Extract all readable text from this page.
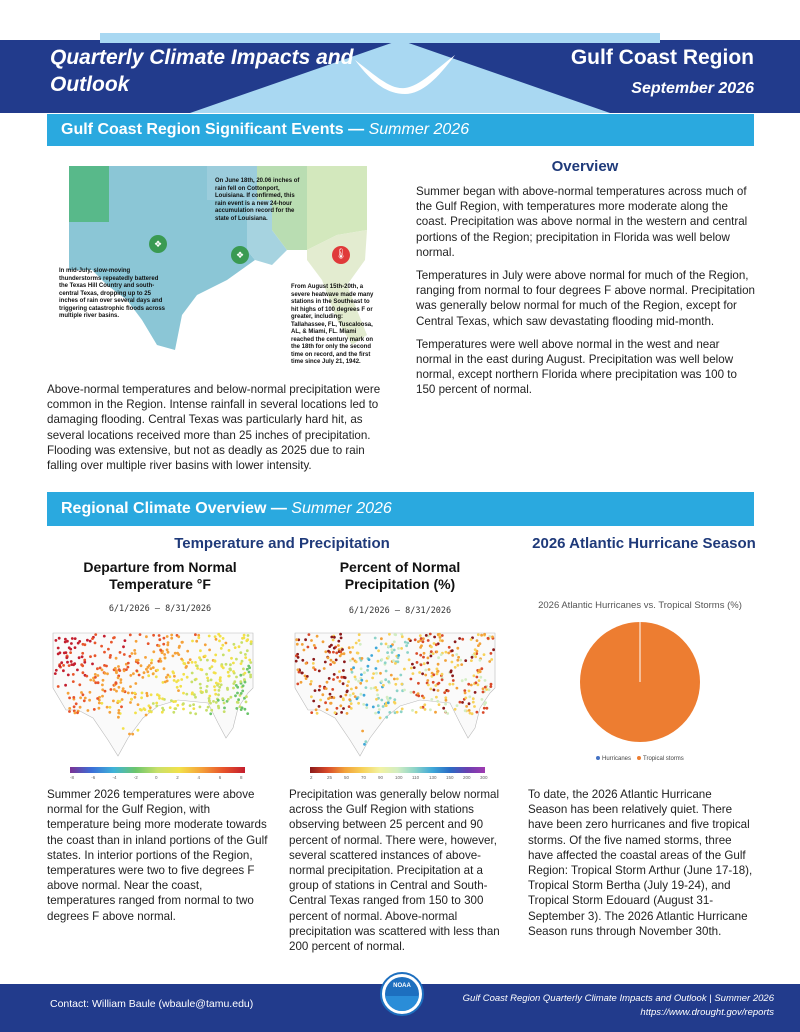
Quarterly Climate Impacts and Outlook
Gulf Coast Region
September 2026
Gulf Coast Region Significant Events — Summer 2026
❖
❖	🌡
On June 18th, 20.06 inches of rain fell on Cottonport, Louisiana. If confirmed, this rain event is a new 24-hour accumulation record for the state of Louisiana.
In mid-July, slow-moving thunderstorms repeatedly battered the Texas Hill Country and south-central Texas, dropping up to 25 inches of rain over several days and triggering catastrophic floods across multiple river basins.
From August 15th-20th, a severe heatwave made many stations in the Southeast to hit highs of 100 degrees F or greater, including: Tallahassee, FL, Tuscaloosa, AL, & Miami, FL. Miami reached the century mark on the 18th for only the second time on record, and the first time since July 21, 1942.
Above-normal temperatures and below-normal precipitation were common in the Region. Intense rainfall in several locations led to damaging flooding. Central Texas was particularly hard hit, as several locations received more than 25 inches of precipitation. Flooding was extensive, but not as deadly as 2025 due to rain falling over multiple river basins with lower intensity.
Overview

Summer began with above-normal temperatures across much of the Gulf Region, with temperatures more moderate along the coast. Precipitation was above normal in the western and central portions of the Region; precipitation in Florida was well below normal.

Temperatures in July were above normal for much of the Region, ranging from normal to four degrees F above normal. Precipitation was generally below normal for much of the Region, except for Central Texas, which saw devastating flooding mid-month.

Temperatures were well above normal in the west and near normal in the east during August. Precipitation was well below normal, except northern Florida where precipitation was 100 to 150 percent of normal.

Regional Climate Overview — Summer 2026
Temperature and Precipitation
Departure from Normal Temperature °F
Percent of Normal Precipitation (%)
6/1/2026 – 8/31/2026	6/1/2026 – 8/31/2026
-8	-6	-4	-2	0	2	4	6	8	2	25	50	70	90	100 110 130 150 200 300
Summer 2026 temperatures were above normal for the Gulf Region, with temperature being more moderate towards the coast than in inland portions of the Gulf states. In interior portions of the Region, temperatures were two to five degrees F above normal. Near the coast, temperatures ranged from normal to two degrees F above normal.
Precipitation was generally below normal across the Gulf Region with stations observing between 25 percent and 90 percent of normal. There were, however, several scattered instances of above-normal precipitation. Precipitation at a group of stations in Central and South-Central Texas ranged from 150 to 300 percent of normal. Above-normal precipitation was scattered with less than 200 percent of normal.
2026 Atlantic Hurricane Season
2026 Atlantic Hurricanes vs. Tropical Storms (%)
Hurricanes Tropical storms
To date, the 2026 Atlantic Hurricane Season has been relatively quiet. There have been zero hurricanes and five tropical storms. Of the five named storms, three have affected the coastal areas of the Gulf Region: Tropical Storm Arthur (June 17-18), Tropical Storm Bertha (July 19-24), and Tropical Storm Edouard (August 31-September 3). The 2026 Atlantic Hurricane Season runs through November 30th.
Contact: William Baule (wbaule@tamu.edu)	Gulf Coast Region Quarterly Climate Impacts and Outlook | Summer 2026
https://www.drought.gov/reports
NOAA
